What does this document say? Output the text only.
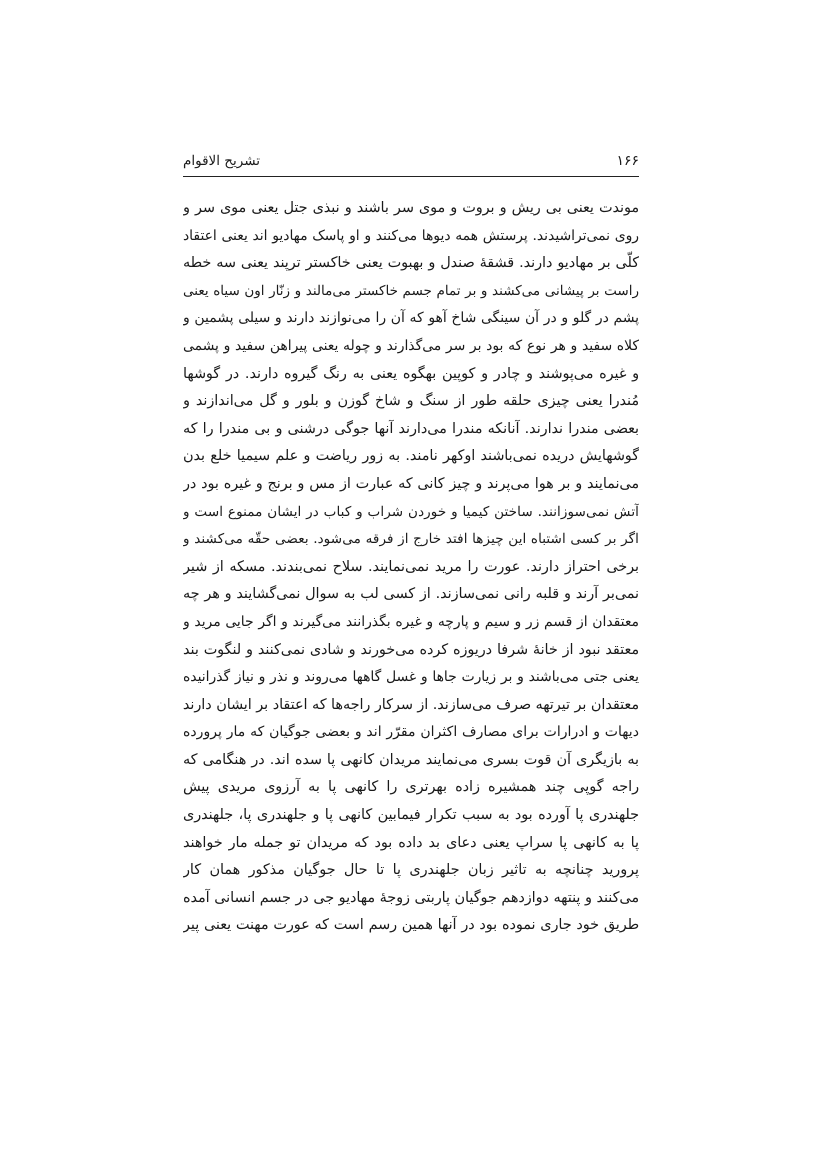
۱۶۶
تشریح الاقوام
موندت یعنی بی ریش و بروت و موی سر باشند و نبذی جتل یعنی موی سر و
روی نمی‌تراشیدند. پرستش همه دیوها می‌کنند و او پاسک مهادیو اند یعنی اعتقاد
کلّی بر مهادیو دارند. قشقهٔ صندل و بهبوت یعنی خاکستر ترپند یعنی سه خطه
راست بر پیشانی می‌کشند و بر تمام جسم خاکستر می‌مالند و زنّار اون سیاه یعنی
پشم در گلو و در آن سینگی شاخ آهو که آن را می‌نوازند دارند و سیلی پشمین و
کلاه سفید و هر نوع که بود بر سر می‌گذارند و چوله یعنی پیراهن سفید و پشمی
و غیره می‌پوشند و چادر و کوپین بهگوه یعنی به رنگ گیروه دارند. در گوشها
مُندرا یعنی چیزی حلقه طور از سنگ و شاخ گوزن و بلور و گل می‌اندازند و
بعضی مندرا ندارند. آنانکه مندرا می‌دارند آنها جوگی درشنی و بی مندرا را که
گوشهایش دریده نمی‌باشند اوکهر نامند. به زور ریاضت و علم سیمیا خلع بدن
می‌نمایند و بر هوا می‌پرند و چیز کانی که عبارت از مس و برنج و غیره بود در
آتش نمی‌سوزانند. ساختن کیمیا و خوردن شراب و کباب در ایشان ممنوع است و
اگر بر کسی اشتباه این چیزها افتد خارج از فرقه می‌شود. بعضی حقّه می‌کشند و
برخی احتراز دارند. عورت را مرید نمی‌نمایند. سلاح نمی‌بندند. مسکه از شیر
نمی‌بر آرند و قلبه رانی نمی‌سازند. از کسی لب به سوال نمی‌گشایند و هر چه
معتقدان از قسم زر و سیم و پارچه و غیره بگذرانند می‌گیرند و اگر جایی مرید و
معتقد نبود از خانهٔ شرفا دریوزه کرده می‌خورند و شادی نمی‌کنند و لنگوت بند
یعنی جتی می‌باشند و بر زیارت جاها و غسل گاهها می‌روند و نذر و نیاز گذرانیده
معتقدان بر تیرتهه صرف می‌سازند. از سرکار راجه‌ها که اعتقاد بر ایشان دارند
دیهات و ادرارات برای مصارف اکثران مقرّر اند و بعضی جوگیان که مار پرورده
به بازیگری آن قوت بسری می‌نمایند مریدان کانهی پا سده اند. در هنگامی که
راجه گوپی چند همشیره زاده بهرتری را کانهی پا به آرزوی مریدی پیش
جلهندری پا آورده بود به سبب تکرار فیمابین کانهی پا و جلهندری پا، جلهندری
پا به کانهی پا سراپ یعنی دعای بد داده بود که مریدان تو جمله مار خواهند
پرورید چنانچه به تاثیر زبان جلهندری پا تا حال جوگیان مذکور همان کار
می‌کنند و پنتهه دوازدهم جوگیان پاربتی زوجهٔ مهادیو جی در جسم انسانی آمده
طریق خود جاری نموده بود در آنها همین رسم است که عورت مهنت یعنی پیر
